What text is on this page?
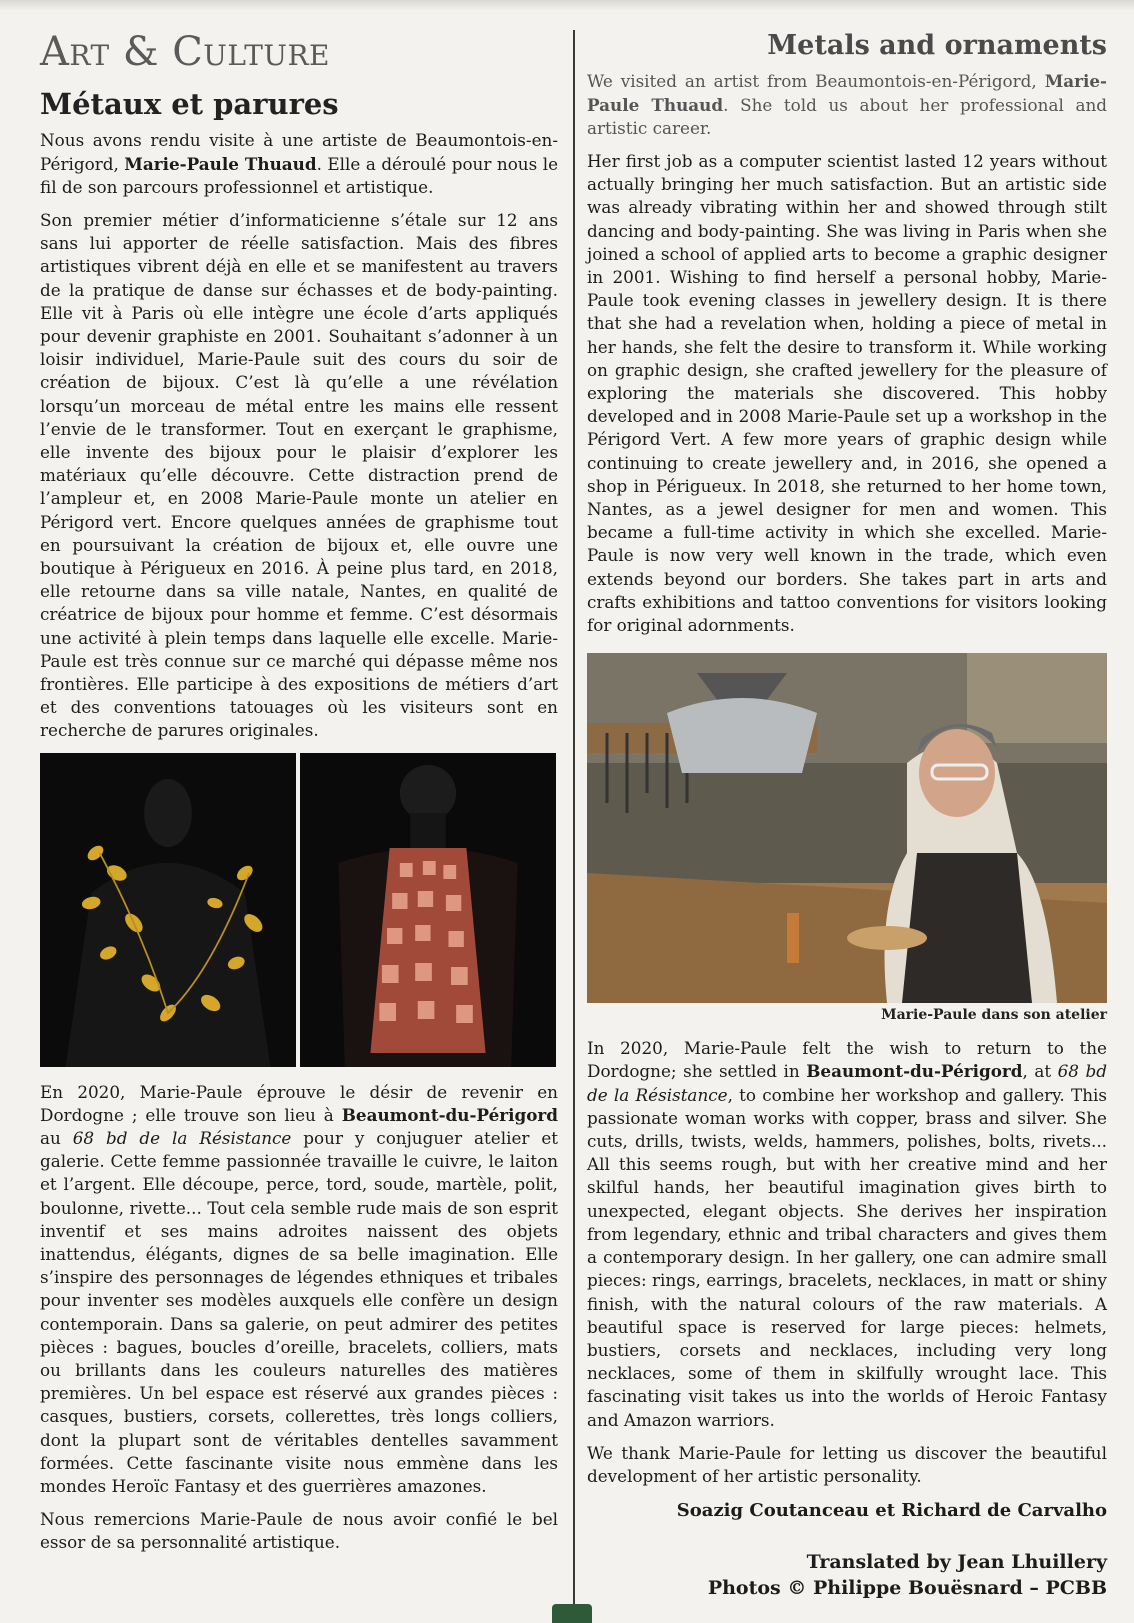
Art & Culture
Métaux et parures

Nous avons rendu visite à une artiste de Beaumontois-en-Périgord, Marie-Paule Thuaud. Elle a déroulé pour nous le fil de son parcours professionnel et artistique.

Son premier métier d’informaticienne s’étale sur 12 ans sans lui apporter de réelle satisfaction. Mais des fibres artistiques vibrent déjà en elle et se manifestent au travers de la pratique de danse sur échasses et de body-painting. Elle vit à Paris où elle intègre une école d’arts appliqués pour devenir graphiste en 2001. Souhaitant s’adonner à un loisir individuel, Marie-Paule suit des cours du soir de création de bijoux. C’est là qu’elle a une révélation lorsqu’un morceau de métal entre les mains elle ressent l’envie de le transformer. Tout en exerçant le graphisme, elle invente des bijoux pour le plaisir d’explorer les matériaux qu’elle découvre. Cette distraction prend de l’ampleur et, en 2008 Marie-Paule monte un atelier en Périgord vert. Encore quelques années de graphisme tout en poursuivant la création de bijoux et, elle ouvre une boutique à Périgueux en 2016. À peine plus tard, en 2018, elle retourne dans sa ville natale, Nantes, en qualité de créatrice de bijoux pour homme et femme. C’est désormais une activité à plein temps dans laquelle elle excelle. Marie-Paule est très connue sur ce marché qui dépasse même nos frontières. Elle participe à des expositions de métiers d’art et des conventions tatouages où les visiteurs sont en recherche de parures originales.

En 2020, Marie-Paule éprouve le désir de revenir en Dordogne ; elle trouve son lieu à Beaumont-du-Périgord au 68 bd de la Résistance pour y conjuguer atelier et galerie. Cette femme passionnée travaille le cuivre, le laiton et l’argent. Elle découpe, perce, tord, soude, martèle, polit, boulonne, rivette... Tout cela semble rude mais de son esprit inventif et ses mains adroites naissent des objets inattendus, élégants, dignes de sa belle imagination. Elle s’inspire des personnages de légendes ethniques et tribales pour inventer ses modèles auxquels elle confère un design contemporain. Dans sa galerie, on peut admirer des petites pièces : bagues, boucles d’oreille, bracelets, colliers, mats ou brillants dans les couleurs naturelles des matières premières. Un bel espace est réservé aux grandes pièces : casques, bustiers, corsets, collerettes, très longs colliers, dont la plupart sont de véritables dentelles savamment formées. Cette fascinante visite nous emmène dans les mondes Heroïc Fantasy et des guerrières amazones.

Nous remercions Marie-Paule de nous avoir confié le bel essor de sa personnalité artistique.

Metals and ornaments

We visited an artist from Beaumontois-en-Périgord, Marie-Paule Thuaud. She told us about her professional and artistic career.

Her first job as a computer scientist lasted 12 years without actually bringing her much satisfaction. But an artistic side was already vibrating within her and showed through stilt dancing and body-painting. She was living in Paris when she joined a school of applied arts to become a graphic designer in 2001. Wishing to find herself a personal hobby, Marie-Paule took evening classes in jewellery design. It is there that she had a revelation when, holding a piece of metal in her hands, she felt the desire to transform it. While working on graphic design, she crafted jewellery for the pleasure of exploring the materials she discovered. This hobby developed and in 2008 Marie-Paule set up a workshop in the Périgord Vert. A few more years of graphic design while continuing to create jewellery and, in 2016, she opened a shop in Périgueux. In 2018, she returned to her home town, Nantes, as a jewel designer for men and women. This became a full-time activity in which she excelled. Marie-Paule is now very well known in the trade, which even extends beyond our borders. She takes part in arts and crafts exhibitions and tattoo conventions for visitors looking for original adornments.

Marie-Paule dans son atelier

In 2020, Marie-Paule felt the wish to return to the Dordogne; she settled in Beaumont-du-Périgord, at 68 bd de la Résistance, to combine her workshop and gallery. This passionate woman works with copper, brass and silver. She cuts, drills, twists, welds, hammers, polishes, bolts, rivets... All this seems rough, but with her creative mind and her skilful hands, her beautiful imagination gives birth to unexpected, elegant objects. She derives her inspiration from legendary, ethnic and tribal characters and gives them a contemporary design. In her gallery, one can admire small pieces: rings, earrings, bracelets, necklaces, in matt or shiny finish, with the natural colours of the raw materials. A beautiful space is reserved for large pieces: helmets, bustiers, corsets and necklaces, including very long necklaces, some of them in skilfully wrought lace. This fascinating visit takes us into the worlds of Heroic Fantasy and Amazon warriors.

We thank Marie-Paule for letting us discover the beautiful development of her artistic personality.

Soazig Coutanceau et Richard de Carvalho
Translated by Jean Lhuillery
Photos © Philippe Bouësnard – PCBB
